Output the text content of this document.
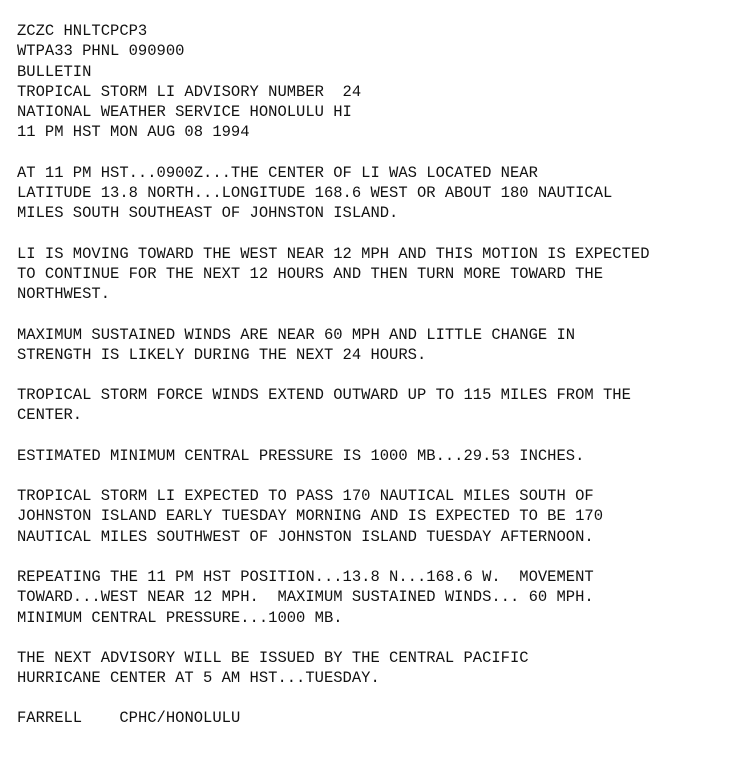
ZCZC HNLTCPCP3
WTPA33 PHNL 090900
BULLETIN
TROPICAL STORM LI ADVISORY NUMBER  24
NATIONAL WEATHER SERVICE HONOLULU HI
11 PM HST MON AUG 08 1994
AT 11 PM HST...0900Z...THE CENTER OF LI WAS LOCATED NEAR
LATITUDE 13.8 NORTH...LONGITUDE 168.6 WEST OR ABOUT 180 NAUTICAL
MILES SOUTH SOUTHEAST OF JOHNSTON ISLAND.
LI IS MOVING TOWARD THE WEST NEAR 12 MPH AND THIS MOTION IS EXPECTED
TO CONTINUE FOR THE NEXT 12 HOURS AND THEN TURN MORE TOWARD THE
NORTHWEST.
MAXIMUM SUSTAINED WINDS ARE NEAR 60 MPH AND LITTLE CHANGE IN
STRENGTH IS LIKELY DURING THE NEXT 24 HOURS.
TROPICAL STORM FORCE WINDS EXTEND OUTWARD UP TO 115 MILES FROM THE
CENTER.
ESTIMATED MINIMUM CENTRAL PRESSURE IS 1000 MB...29.53 INCHES.
TROPICAL STORM LI EXPECTED TO PASS 170 NAUTICAL MILES SOUTH OF
JOHNSTON ISLAND EARLY TUESDAY MORNING AND IS EXPECTED TO BE 170
NAUTICAL MILES SOUTHWEST OF JOHNSTON ISLAND TUESDAY AFTERNOON.
REPEATING THE 11 PM HST POSITION...13.8 N...168.6 W.  MOVEMENT
TOWARD...WEST NEAR 12 MPH.  MAXIMUM SUSTAINED WINDS... 60 MPH.
MINIMUM CENTRAL PRESSURE...1000 MB.
THE NEXT ADVISORY WILL BE ISSUED BY THE CENTRAL PACIFIC
HURRICANE CENTER AT 5 AM HST...TUESDAY.
FARRELL CPHC/HONOLULU
